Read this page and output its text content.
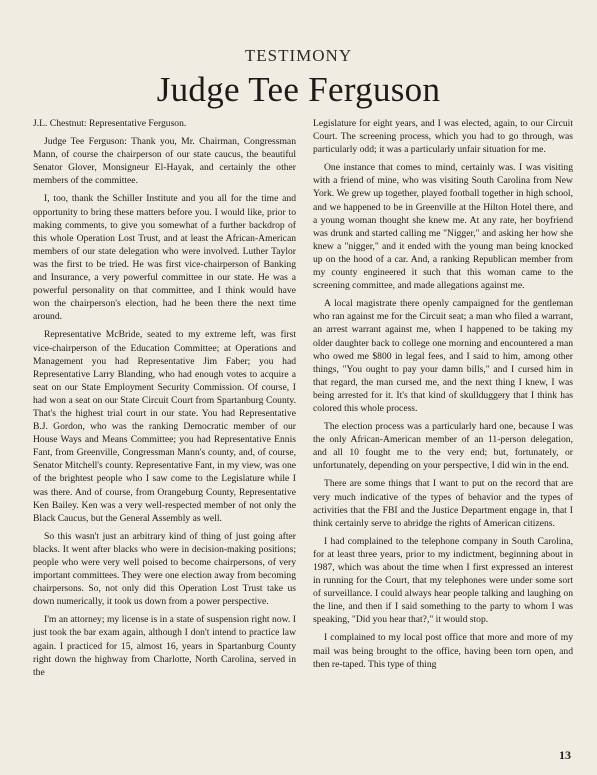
TESTIMONY
Judge Tee Ferguson

J.L. Chestnut: Representative Ferguson.

Judge Tee Ferguson: Thank you, Mr. Chairman, Congressman Mann, of course the chairperson of our state caucus, the beautiful Senator Glover, Monsigneur El-Hayak, and certainly the other members of the committee.

I, too, thank the Schiller Institute and you all for the time and opportunity to bring these matters before you. I would like, prior to making comments, to give you somewhat of a further backdrop of this whole Operation Lost Trust, and at least the African-American members of our state delegation who were involved. Luther Taylor was the first to be tried. He was first vice-chairperson of Banking and Insurance, a very powerful committee in our state. He was a powerful personality on that committee, and I think would have won the chairperson's election, had he been there the next time around.

Representative McBride, seated to my extreme left, was first vice-chairperson of the Education Committee; at Operations and Management you had Representative Jim Faber; you had Representative Larry Blanding, who had enough votes to acquire a seat on our State Employment Security Commission. Of course, I had won a seat on our State Circuit Court from Spartanburg County. That's the highest trial court in our state. You had Representative B.J. Gordon, who was the ranking Democratic member of our House Ways and Means Committee; you had Representative Ennis Fant, from Greenville, Congressman Mann's county, and, of course, Senator Mitchell's county. Representative Fant, in my view, was one of the brightest people who I saw come to the Legislature while I was there. And of course, from Orangeburg County, Representative Ken Bailey. Ken was a very well-respected member of not only the Black Caucus, but the General Assembly as well.

So this wasn't just an arbitrary kind of thing of just going after blacks. It went after blacks who were in decision-making positions; people who were very well poised to become chairpersons, of very important committees. They were one election away from becoming chairpersons. So, not only did this Operation Lost Trust take us down numerically, it took us down from a power perspective.

I'm an attorney; my license is in a state of suspension right now. I just took the bar exam again, although I don't intend to practice law again. I practiced for 15, almost 16, years in Spartanburg County right down the highway from Charlotte, North Carolina, served in the

Legislature for eight years, and I was elected, again, to our Circuit Court. The screening process, which you had to go through, was particularly odd; it was a particularly unfair situation for me.

One instance that comes to mind, certainly was. I was visiting with a friend of mine, who was visiting South Carolina from New York. We grew up together, played football together in high school, and we happened to be in Greenville at the Hilton Hotel there, and a young woman thought she knew me. At any rate, her boyfriend was drunk and started calling me "Nigger," and asking her how she knew a "nigger," and it ended with the young man being knocked up on the hood of a car. And, a ranking Republican member from my county engineered it such that this woman came to the screening committee, and made allegations against me.

A local magistrate there openly campaigned for the gentleman who ran against me for the Circuit seat; a man who filed a warrant, an arrest warrant against me, when I happened to be taking my older daughter back to college one morning and encountered a man who owed me $800 in legal fees, and I said to him, among other things, "You ought to pay your damn bills," and I cursed him in that regard, the man cursed me, and the next thing I knew, I was being arrested for it. It's that kind of skullduggery that I think has colored this whole process.

The election process was a particularly hard one, because I was the only African-American member of an 11-person delegation, and all 10 fought me to the very end; but, fortunately, or unfortunately, depending on your perspective, I did win in the end.

There are some things that I want to put on the record that are very much indicative of the types of behavior and the types of activities that the FBI and the Justice Department engage in, that I think certainly serve to abridge the rights of American citizens.

I had complained to the telephone company in South Carolina, for at least three years, prior to my indictment, beginning about in 1987, which was about the time when I first expressed an interest in running for the Court, that my telephones were under some sort of surveillance. I could always hear people talking and laughing on the line, and then if I said something to the party to whom I was speaking, "Did you hear that?," it would stop.

I complained to my local post office that more and more of my mail was being brought to the office, having been torn open, and then re-taped. This type of thing

13
